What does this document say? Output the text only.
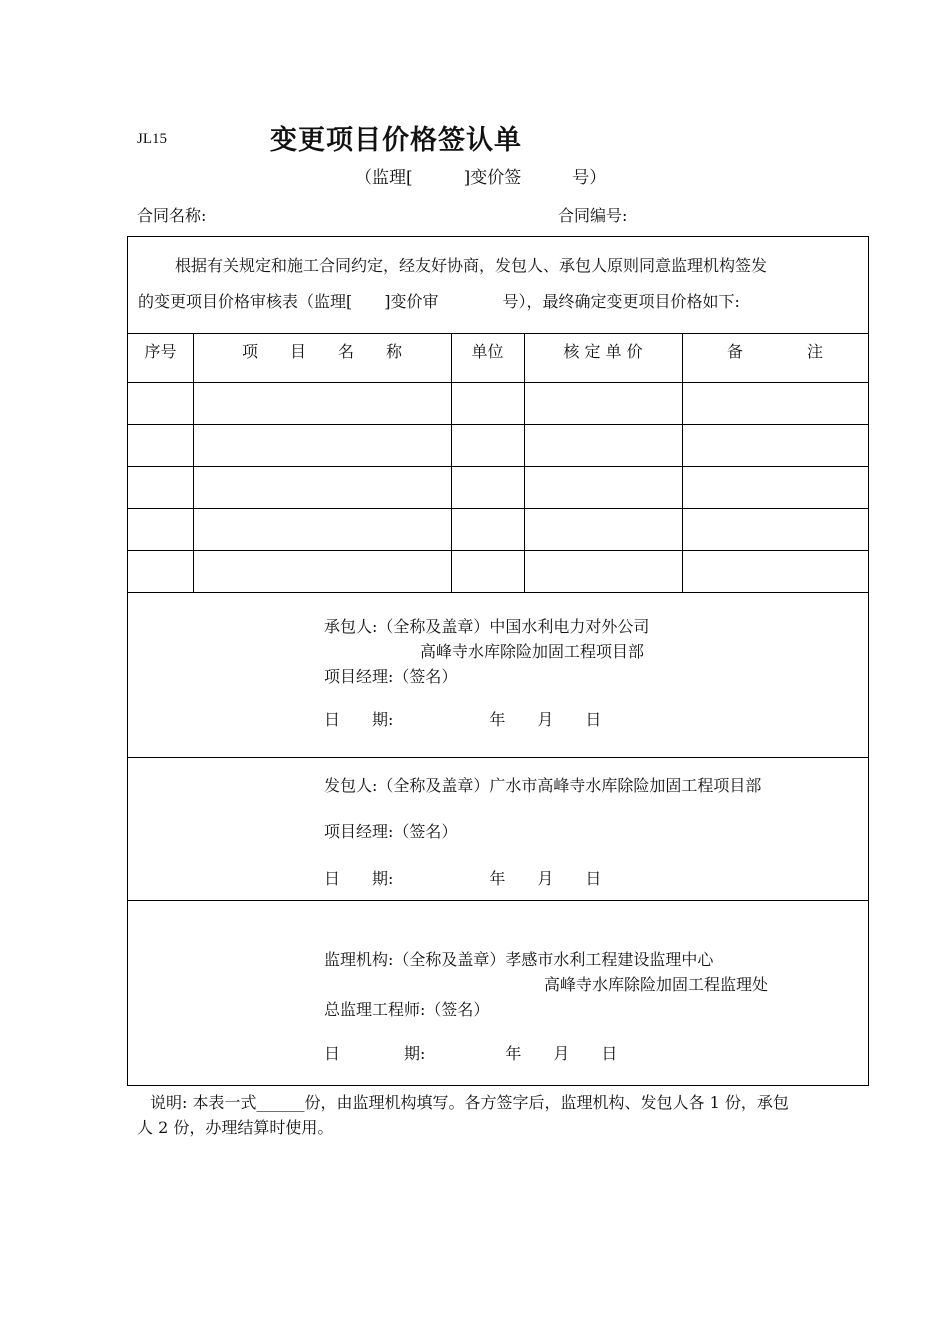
JL15	变更项目价格签认单
（监理[　　　]变价签　　　号）
合同名称:	合同编号:
根据有关规定和施工合同约定，经友好协商，发包人、承包人原则同意监理机构签发
的变更项目价格审核表（监理[　　]变价审　　　　号），最终确定变更项目价格如下:
序号	项　　目　　名　　称	单位	核 定 单 价	备　　　　注
承包人:（全称及盖章）中国水利电力对外公司
高峰寺水库除险加固工程项目部
项目经理:（签名）
日　　期:　　　　　　年　　月　　日
发包人:（全称及盖章）广水市高峰寺水库除险加固工程项目部
项目经理:（签名）
日　　期:　　　　　　年　　月　　日
监理机构:（全称及盖章）孝感市水利工程建设监理中心
高峰寺水库除险加固工程监理处
总监理工程师:（签名）
日　　　　期:　　　　　年　　月　　日
说明: 本表一式______份，由监理机构填写。各方签字后，监理机构、发包人各 1 份，承包
人 2 份，办理结算时使用。
